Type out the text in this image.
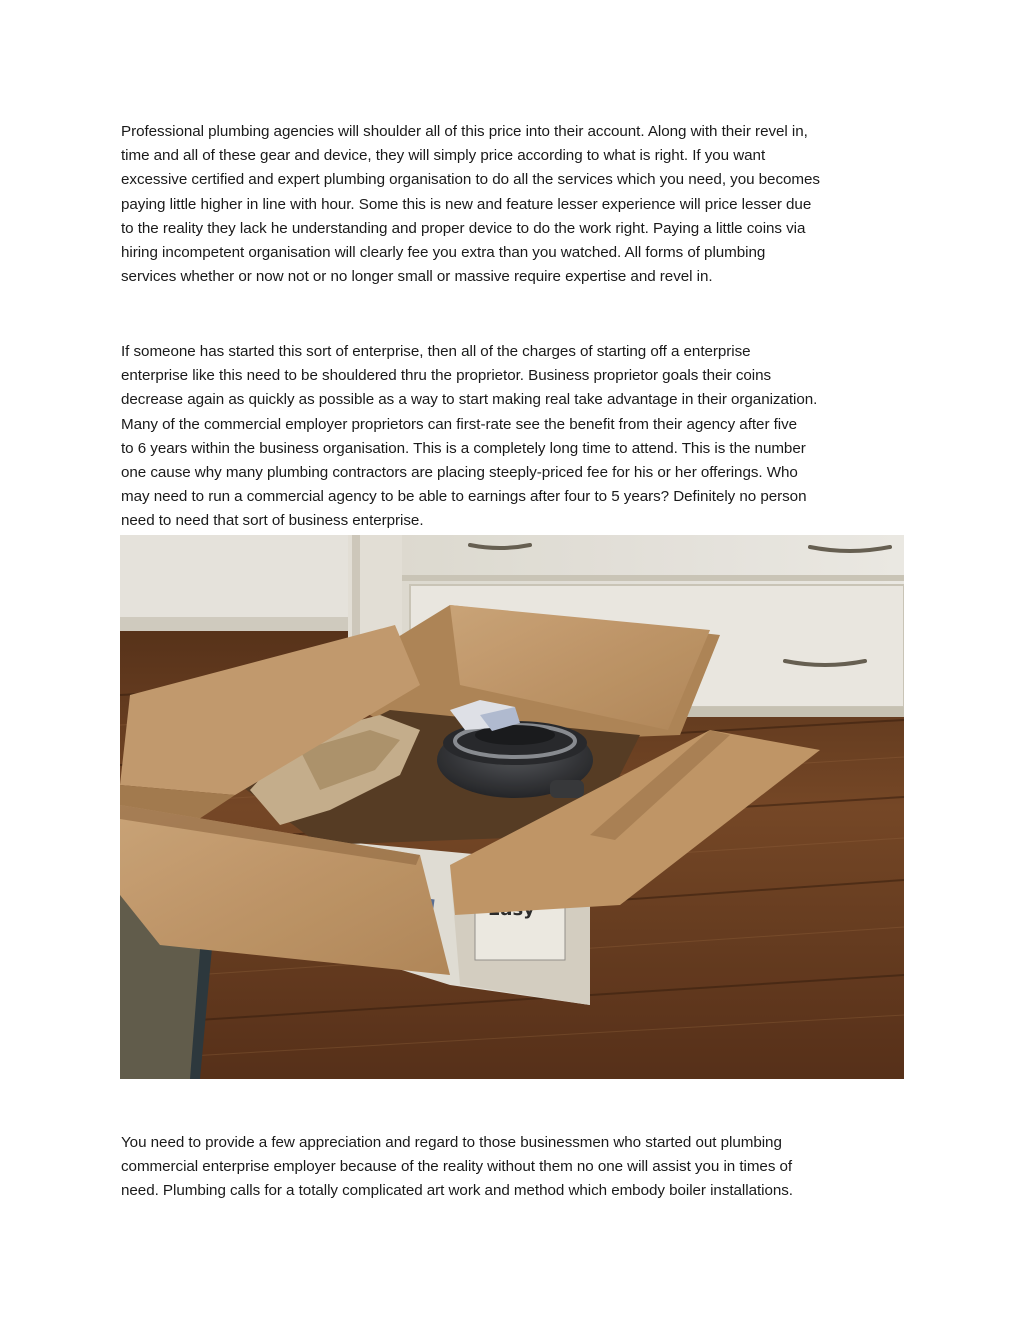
Professional plumbing agencies will shoulder all of this price into their account. Along with their revel in,
time and all of these gear and device, they will simply price according to what is right. If you want
excessive certified and expert plumbing organisation to do all the services which you need, you becomes
paying little higher in line with hour. Some this is new and feature lesser experience will price lesser due
to the reality they lack he understanding and proper device to do the work right. Paying a little coins via
hiring incompetent organisation will clearly fee you extra than you watched. All forms of plumbing
services whether or now not or no longer small or massive require expertise and revel in.

If someone has started this sort of enterprise, then all of the charges of starting off a enterprise
enterprise like this need to be shouldered thru the proprietor. Business proprietor goals their coins
decrease again as quickly as possible as a way to start making real take advantage in their organization.
Many of the commercial employer proprietors can first-rate see the benefit from their agency after five
to 6 years within the business organisation. This is a completely long time to attend. This is the number
one cause why many plumbing contractors are placing steeply-priced fee for his or her offerings. Who
may need to run a commercial agency to be able to earnings after four to 5 years? Definitely no person
need to need that sort of business enterprise.

You need to provide a few appreciation and regard to those businessmen who started out plumbing
commercial enterprise employer because of the reality without them no one will assist you in times of
need. Plumbing calls for a totally complicated art work and method which embody boiler installations.
